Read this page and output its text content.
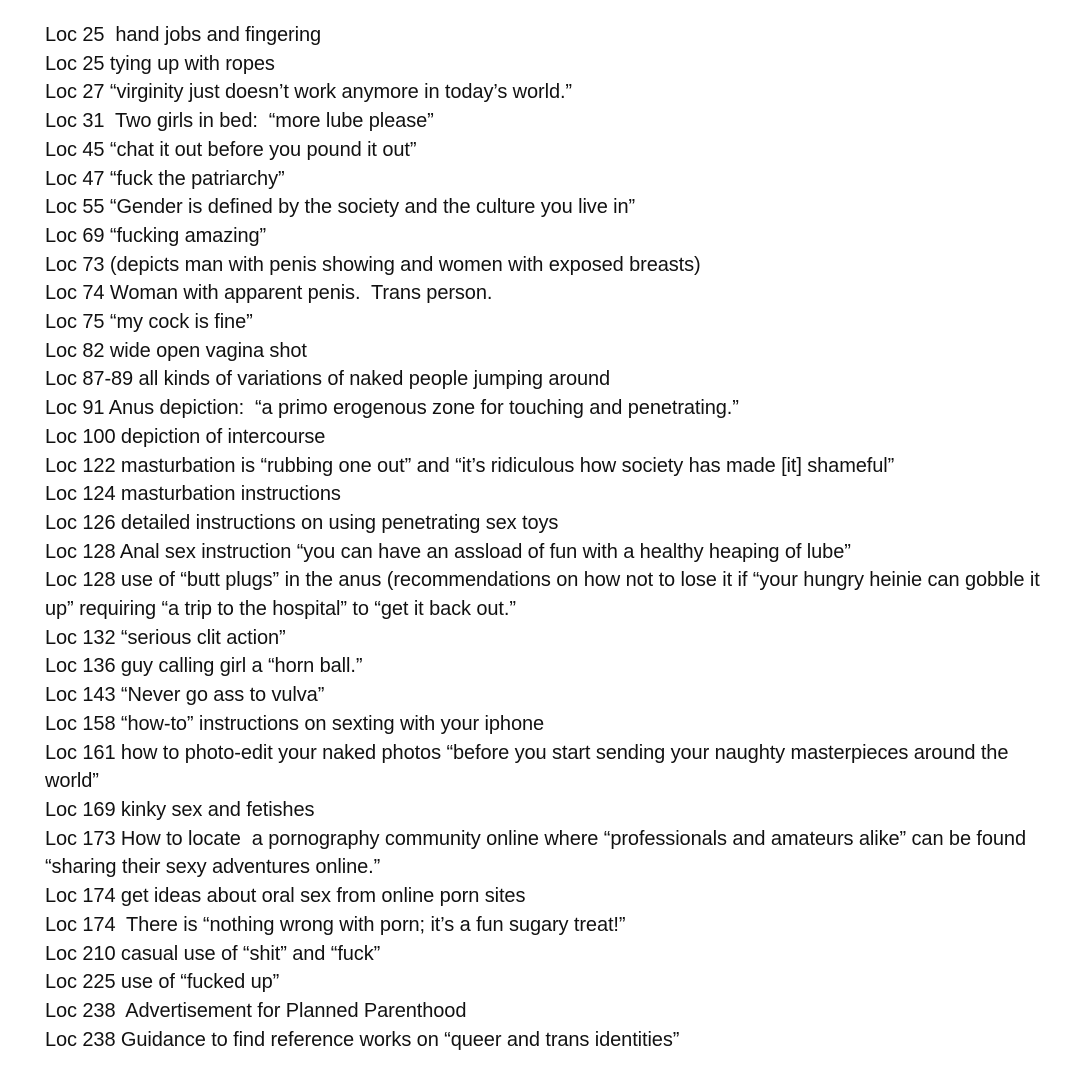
Loc 25  hand jobs and fingering
Loc 25 tying up with ropes
Loc 27 “virginity just doesn’t work anymore in today’s world.”
Loc 31  Two girls in bed:  “more lube please”
Loc 45 “chat it out before you pound it out”
Loc 47 “fuck the patriarchy”
Loc 55 “Gender is defined by the society and the culture you live in”
Loc 69 “fucking amazing”
Loc 73 (depicts man with penis showing and women with exposed breasts)
Loc 74 Woman with apparent penis.  Trans person.
Loc 75 “my cock is fine”
Loc 82 wide open vagina shot
Loc 87-89 all kinds of variations of naked people jumping around
Loc 91 Anus depiction:  “a primo erogenous zone for touching and penetrating.”
Loc 100 depiction of intercourse
Loc 122 masturbation is “rubbing one out” and “it’s ridiculous how society has made [it] shameful”
Loc 124 masturbation instructions
Loc 126 detailed instructions on using penetrating sex toys
Loc 128 Anal sex instruction “you can have an assload of fun with a healthy heaping of lube”
Loc 128 use of “butt plugs” in the anus (recommendations on how not to lose it if “your hungry heinie can gobble it up” requiring “a trip to the hospital” to “get it back out.”
Loc 132 “serious clit action”
Loc 136 guy calling girl a “horn ball.”
Loc 143 “Never go ass to vulva”
Loc 158 “how-to” instructions on sexting with your iphone
Loc 161 how to photo-edit your naked photos “before you start sending your naughty masterpieces around the world”
Loc 169 kinky sex and fetishes
Loc 173 How to locate  a pornography community online where “professionals and amateurs alike” can be found “sharing their sexy adventures online.”
Loc 174 get ideas about oral sex from online porn sites
Loc 174  There is “nothing wrong with porn; it’s a fun sugary treat!”
Loc 210 casual use of “shit” and “fuck”
Loc 225 use of “fucked up”
Loc 238  Advertisement for Planned Parenthood
Loc 238 Guidance to find reference works on “queer and trans identities”
